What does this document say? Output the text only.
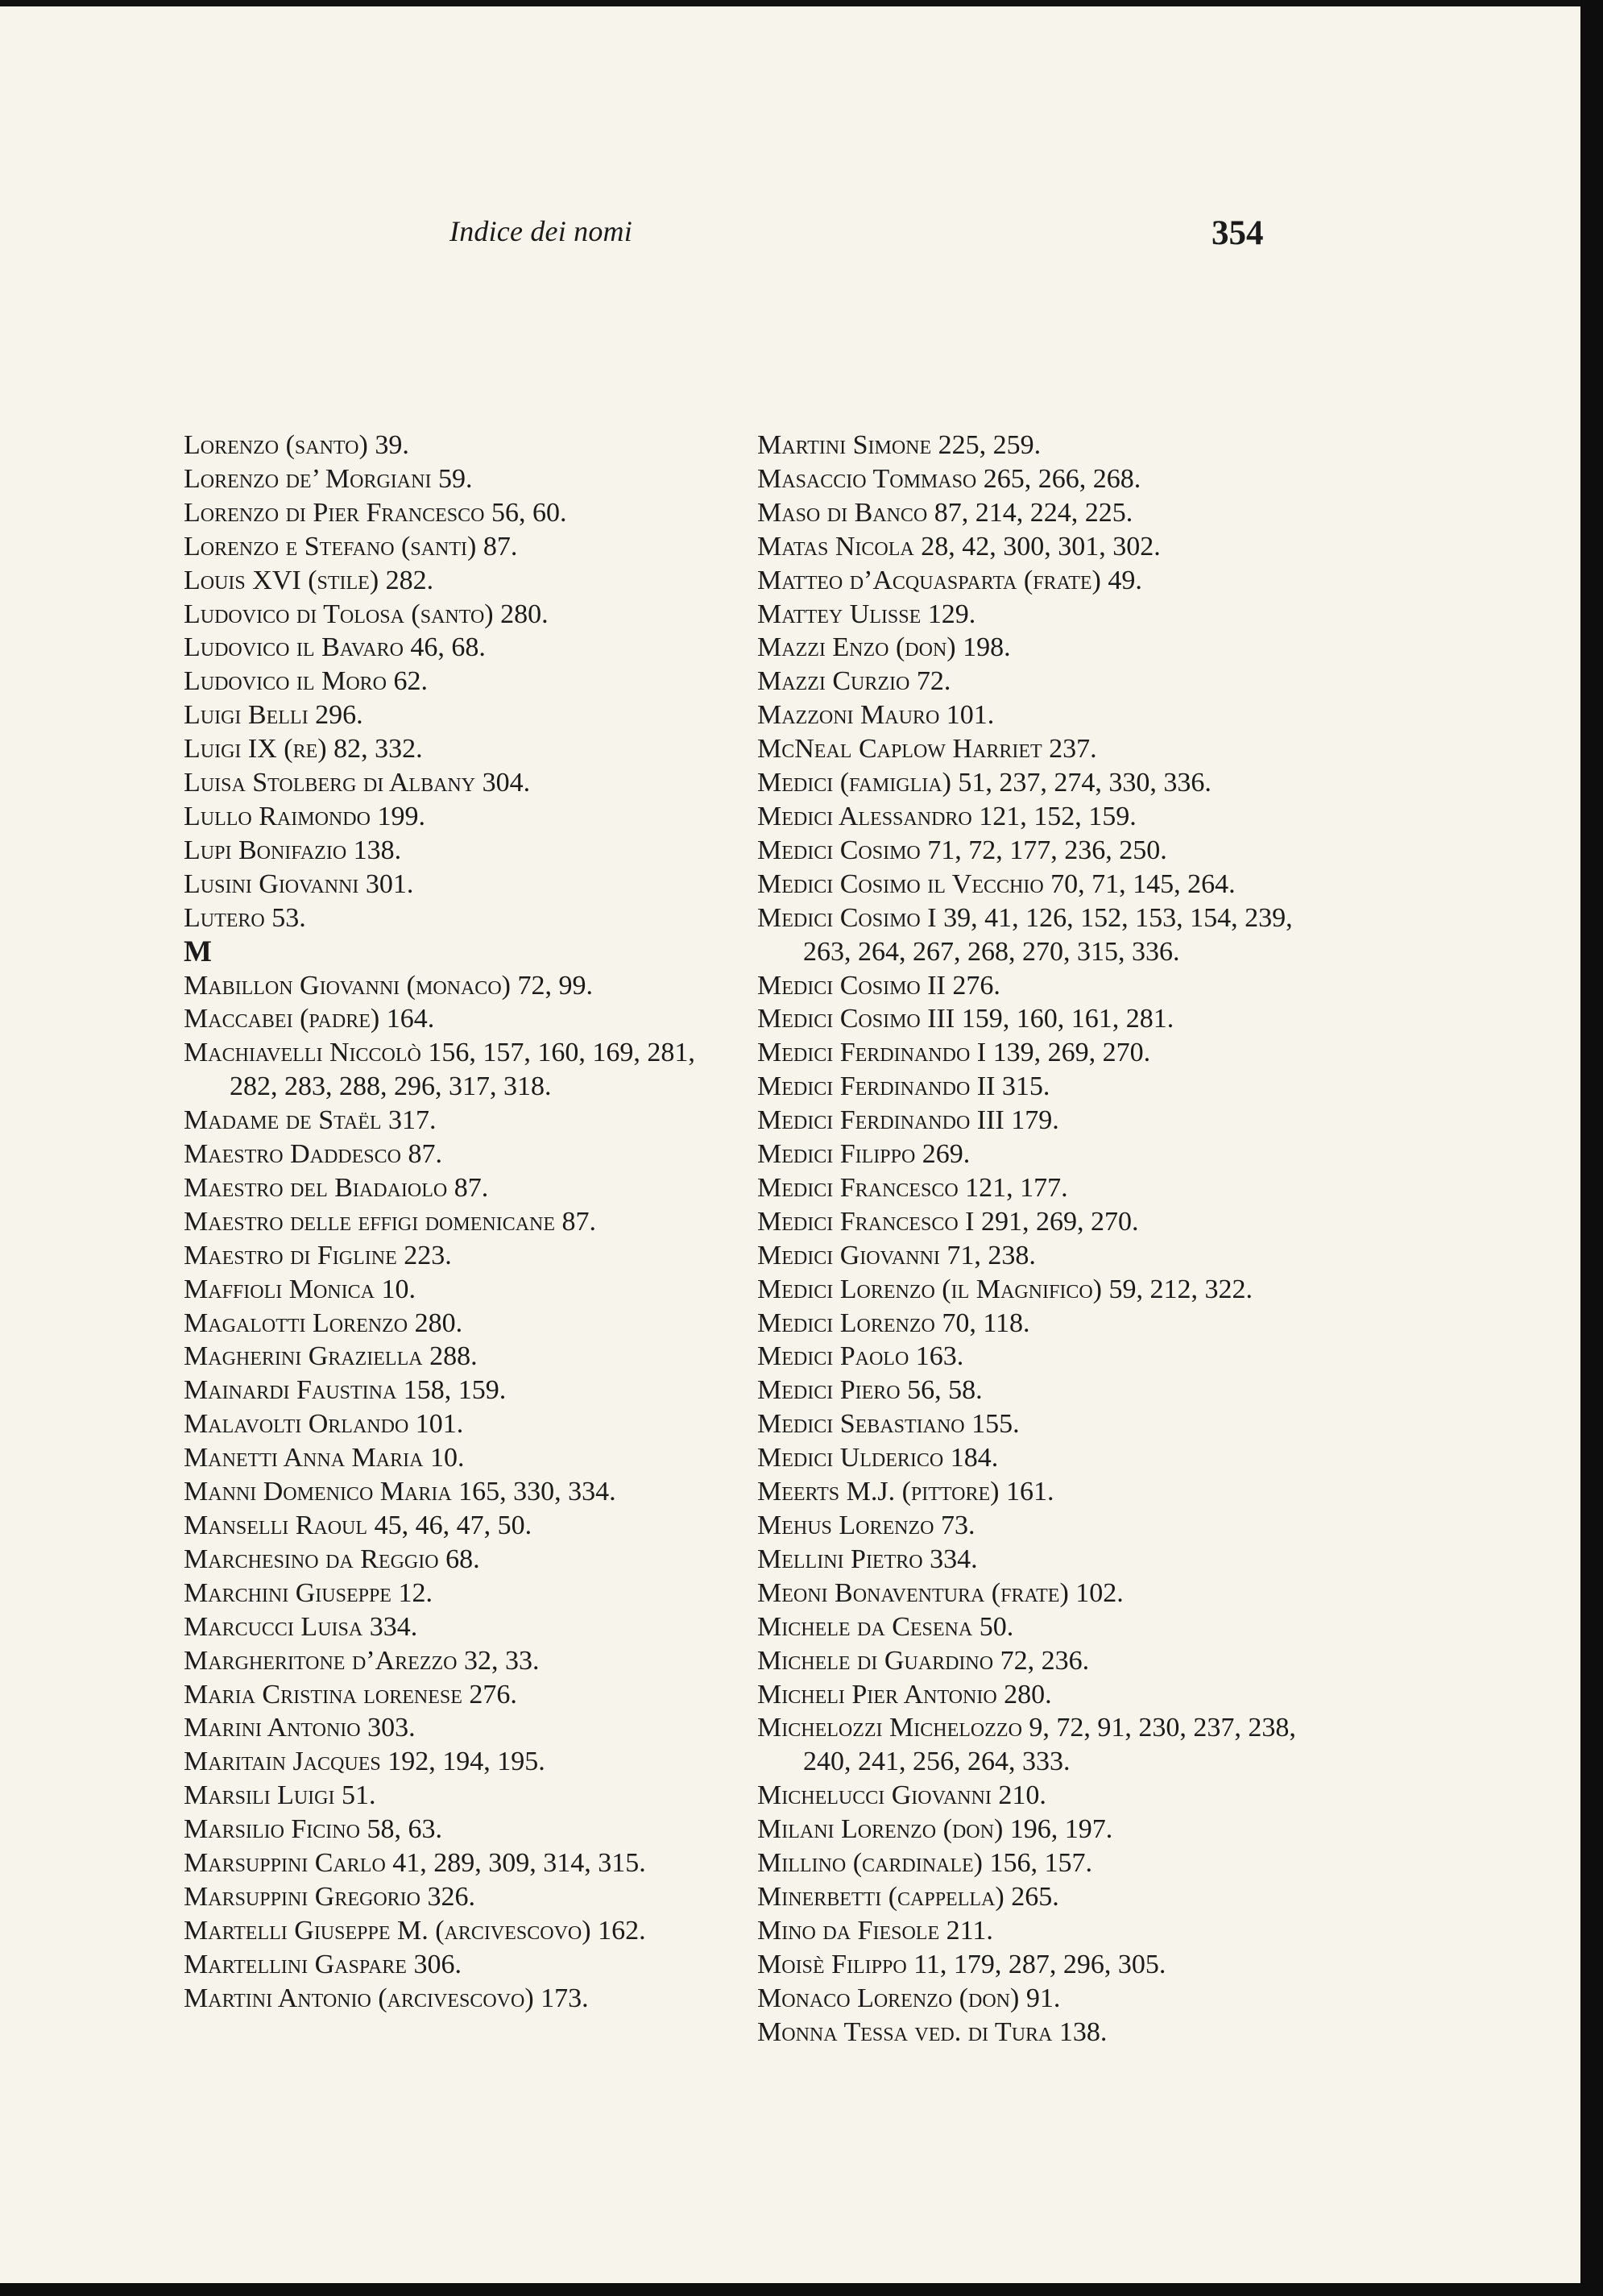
Indice dei nomi	354

Lorenzo (santo) 39.

Lorenzo de’ Morgiani 59.

Lorenzo di Pier Francesco 56, 60.

Lorenzo e Stefano (santi) 87.

Louis XVI (stile) 282.

Ludovico di Tolosa (santo) 280.

Ludovico il Bavaro 46, 68.

Ludovico il Moro 62.

Luigi Belli 296.

Luigi IX (re) 82, 332.

Luisa Stolberg di Albany 304.

Lullo Raimondo 199.

Lupi Bonifazio 138.

Lusini Giovanni 301.

Lutero 53.

M

Mabillon Giovanni (monaco) 72, 99.

Maccabei (padre) 164.

Machiavelli Niccolò 156, 157, 160, 169, 281, 282, 283, 288, 296, 317, 318.

Madame de Staël 317.

Maestro Daddesco 87.

Maestro del Biadaiolo 87.

Maestro delle effigi domenicane 87.

Maestro di Figline 223.

Maffioli Monica 10.

Magalotti Lorenzo 280.

Magherini Graziella 288.

Mainardi Faustina 158, 159.

Malavolti Orlando 101.

Manetti Anna Maria 10.

Manni Domenico Maria 165, 330, 334.

Manselli Raoul 45, 46, 47, 50.

Marchesino da Reggio 68.

Marchini Giuseppe 12.

Marcucci Luisa 334.

Margheritone d’Arezzo 32, 33.

Maria Cristina lorenese 276.

Marini Antonio 303.

Maritain Jacques 192, 194, 195.

Marsili Luigi 51.

Marsilio Ficino 58, 63.

Marsuppini Carlo 41, 289, 309, 314, 315.

Marsuppini Gregorio 326.

Martelli Giuseppe M. (arcivescovo) 162.

Martellini Gaspare 306.

Martini Antonio (arcivescovo) 173.

Martini Simone 225, 259.

Masaccio Tommaso 265, 266, 268.

Maso di Banco 87, 214, 224, 225.

Matas Nicola 28, 42, 300, 301, 302.

Matteo d’Acquasparta (frate) 49.

Mattey Ulisse 129.

Mazzi Enzo (don) 198.

Mazzi Curzio 72.

Mazzoni Mauro 101.

McNeal Caplow Harriet 237.

Medici (famiglia) 51, 237, 274, 330, 336.

Medici Alessandro 121, 152, 159.

Medici Cosimo 71, 72, 177, 236, 250.

Medici Cosimo il Vecchio 70, 71, 145, 264.

Medici Cosimo I 39, 41, 126, 152, 153, 154, 239, 263, 264, 267, 268, 270, 315, 336.

Medici Cosimo II 276.

Medici Cosimo III 159, 160, 161, 281.

Medici Ferdinando I 139, 269, 270.

Medici Ferdinando II 315.

Medici Ferdinando III 179.

Medici Filippo 269.

Medici Francesco 121, 177.

Medici Francesco I 291, 269, 270.

Medici Giovanni 71, 238.

Medici Lorenzo (il Magnifico) 59, 212, 322.

Medici Lorenzo 70, 118.

Medici Paolo 163.

Medici Piero 56, 58.

Medici Sebastiano 155.

Medici Ulderico 184.

Meerts M.J. (pittore) 161.

Mehus Lorenzo 73.

Mellini Pietro 334.

Meoni Bonaventura (frate) 102.

Michele da Cesena 50.

Michele di Guardino 72, 236.

Micheli Pier Antonio 280.

Michelozzi Michelozzo 9, 72, 91, 230, 237, 238, 240, 241, 256, 264, 333.

Michelucci Giovanni 210.

Milani Lorenzo (don) 196, 197.

Millino (cardinale) 156, 157.

Minerbetti (cappella) 265.

Mino da Fiesole 211.

Moisè Filippo 11, 179, 287, 296, 305.

Monaco Lorenzo (don) 91.

Monna Tessa ved. di Tura 138.
